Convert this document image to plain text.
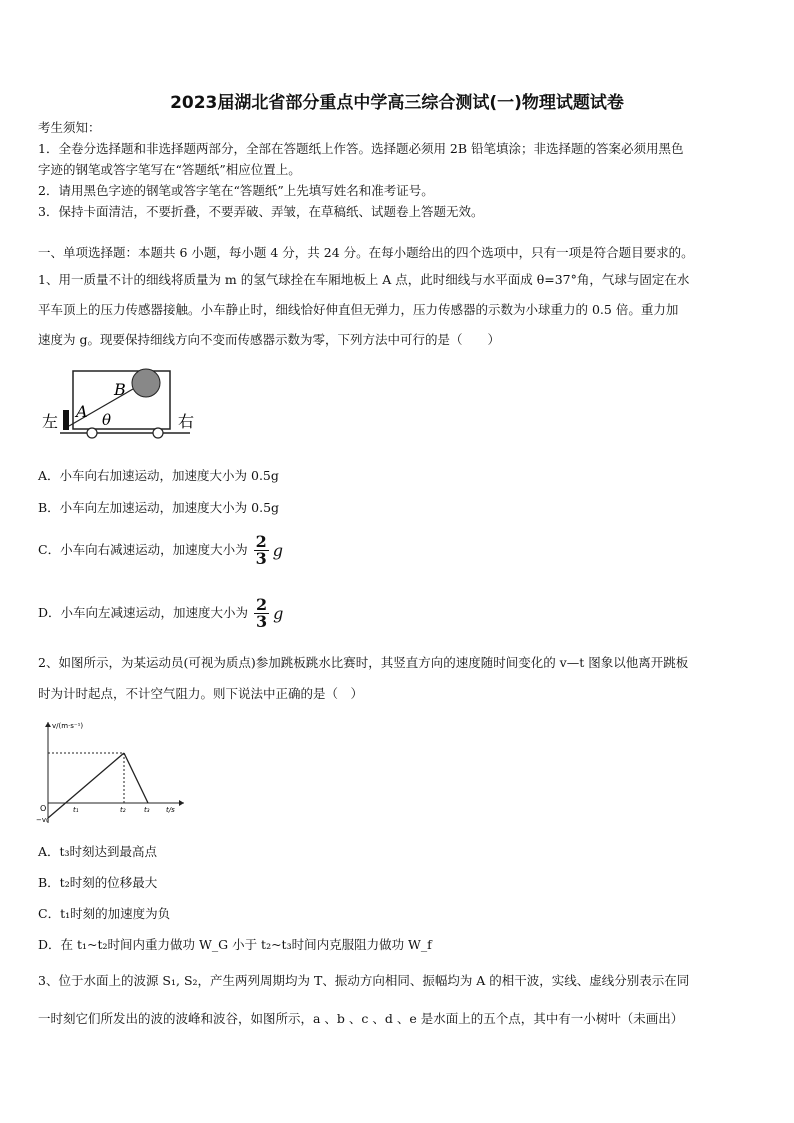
2023届湖北省部分重点中学高三综合测试(一)物理试题试卷
考生须知：
1．全卷分选择题和非选择题两部分，全部在答题纸上作答。选择题必须用 2B 铅笔填涂；非选择题的答案必须用黑色
字迹的钢笔或答字笔写在“答题纸”相应位置上。
2．请用黑色字迹的钢笔或答字笔在“答题纸”上先填写姓名和准考证号。
3．保持卡面清洁，不要折叠，不要弄破、弄皱，在草稿纸、试题卷上答题无效。
一、单项选择题：本题共 6 小题，每小题 4 分，共 24 分。在每小题给出的四个选项中，只有一项是符合题目要求的。
1、用一质量不计的细线将质量为 m 的氢气球拴在车厢地板上 A 点，此时细线与水平面成 θ=37°角，气球与固定在水
平车顶上的压力传感器接触。小车静止时，细线恰好伸直但无弹力，压力传感器的示数为小球重力的 0.5 倍。重力加
速度为 g。现要保持细线方向不变而传感器示数为零，下列方法中可行的是（　　）
左	右
A
B
θ
A．小车向右加速运动，加速度大小为 0.5g
B．小车向左加速运动，加速度大小为 0.5g
C．小车向右减速运动，加速度大小为 $\frac{2}{3}$ g
D．小车向左减速运动，加速度大小为 $\frac{2}{3}$ g
2、如图所示，为某运动员(可视为质点)参加跳板跳水比赛时，其竖直方向的速度随时间变化的 v—t 图象以他离开跳板
时为计时起点，不计空气阻力。则下说法中正确的是（　）
v/(m·s⁻¹)
t/s
O
−v₀
t₁	t₂	t₃
A．t₃时刻达到最高点
B．t₂时刻的位移最大
C．t₁时刻的加速度为负
D．在 t₁~t₂时间内重力做功 W_G 小于 t₂~t₃时间内克服阻力做功 W_f
3、位于水面上的波源 S₁, S₂，产生两列周期均为 T、振动方向相同、振幅均为 A 的相干波，实线、虚线分别表示在同
一时刻它们所发出的波的波峰和波谷，如图所示，a 、b 、c 、d 、e 是水面上的五个点，其中有一小树叶（未画出）
